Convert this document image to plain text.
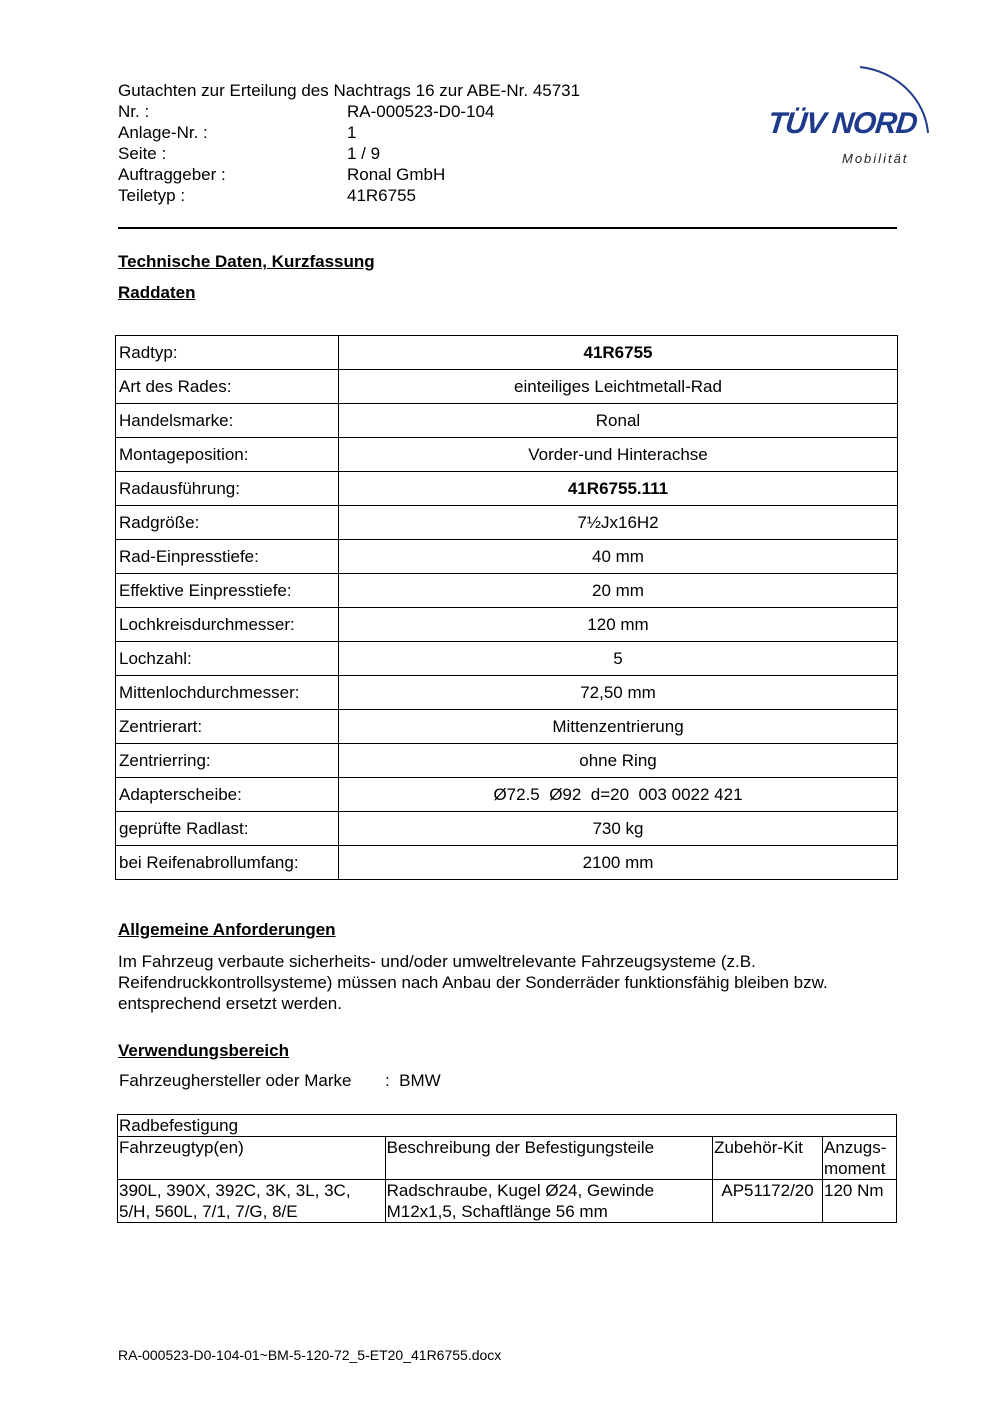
Gutachten zur Erteilung des Nachtrags 16 zur ABE-Nr. 45731
Nr. :	RA-000523-D0-104
Anlage-Nr. :	1
Seite :	1 / 9
Auftraggeber :	Ronal GmbH
Teiletyp :	41R6755
TÜV NORD
Mobilität
Technische Daten, Kurzfassung
Raddaten
Radtyp:	41R6755
Art des Rades:	einteiliges Leichtmetall-Rad
Handelsmarke:	Ronal
Montageposition:	Vorder-und Hinterachse
Radausführung:	41R6755.111
Radgröße:	7½Jx16H2
Rad-Einpresstiefe:	40 mm
Effektive Einpresstiefe:	20 mm
Lochkreisdurchmesser:	120 mm
Lochzahl:	5
Mittenlochdurchmesser:	72,50 mm
Zentrierart:	Mittenzentrierung
Zentrierring:	ohne Ring
Adapterscheibe:	Ø72.5  Ø92  d=20  003 0022 421
geprüfte Radlast:	730 kg
bei Reifenabrollumfang:	2100 mm
Allgemeine Anforderungen
Im Fahrzeug verbaute sicherheits- und/oder umweltrelevante Fahrzeugsysteme (z.B. Reifendruckkontrollsysteme) müssen nach Anbau der Sonderräder funktionsfähig bleiben bzw. entsprechend ersetzt werden.
Verwendungsbereich
Fahrzeughersteller oder Marke	:  BMW
Radbefestigung			
Fahrzeugtyp(en)	Beschreibung der Befestigungsteile	Zubehör-Kit	Anzugs-moment
390L, 390X, 392C, 3K, 3L, 3C, 5/H, 560L, 7/1, 7/G, 8/E	Radschraube, Kugel Ø24, Gewinde M12x1,5, Schaftlänge 56 mm	AP51172/20	120 Nm
RA-000523-D0-104-01~BM-5-120-72_5-ET20_41R6755.docx
